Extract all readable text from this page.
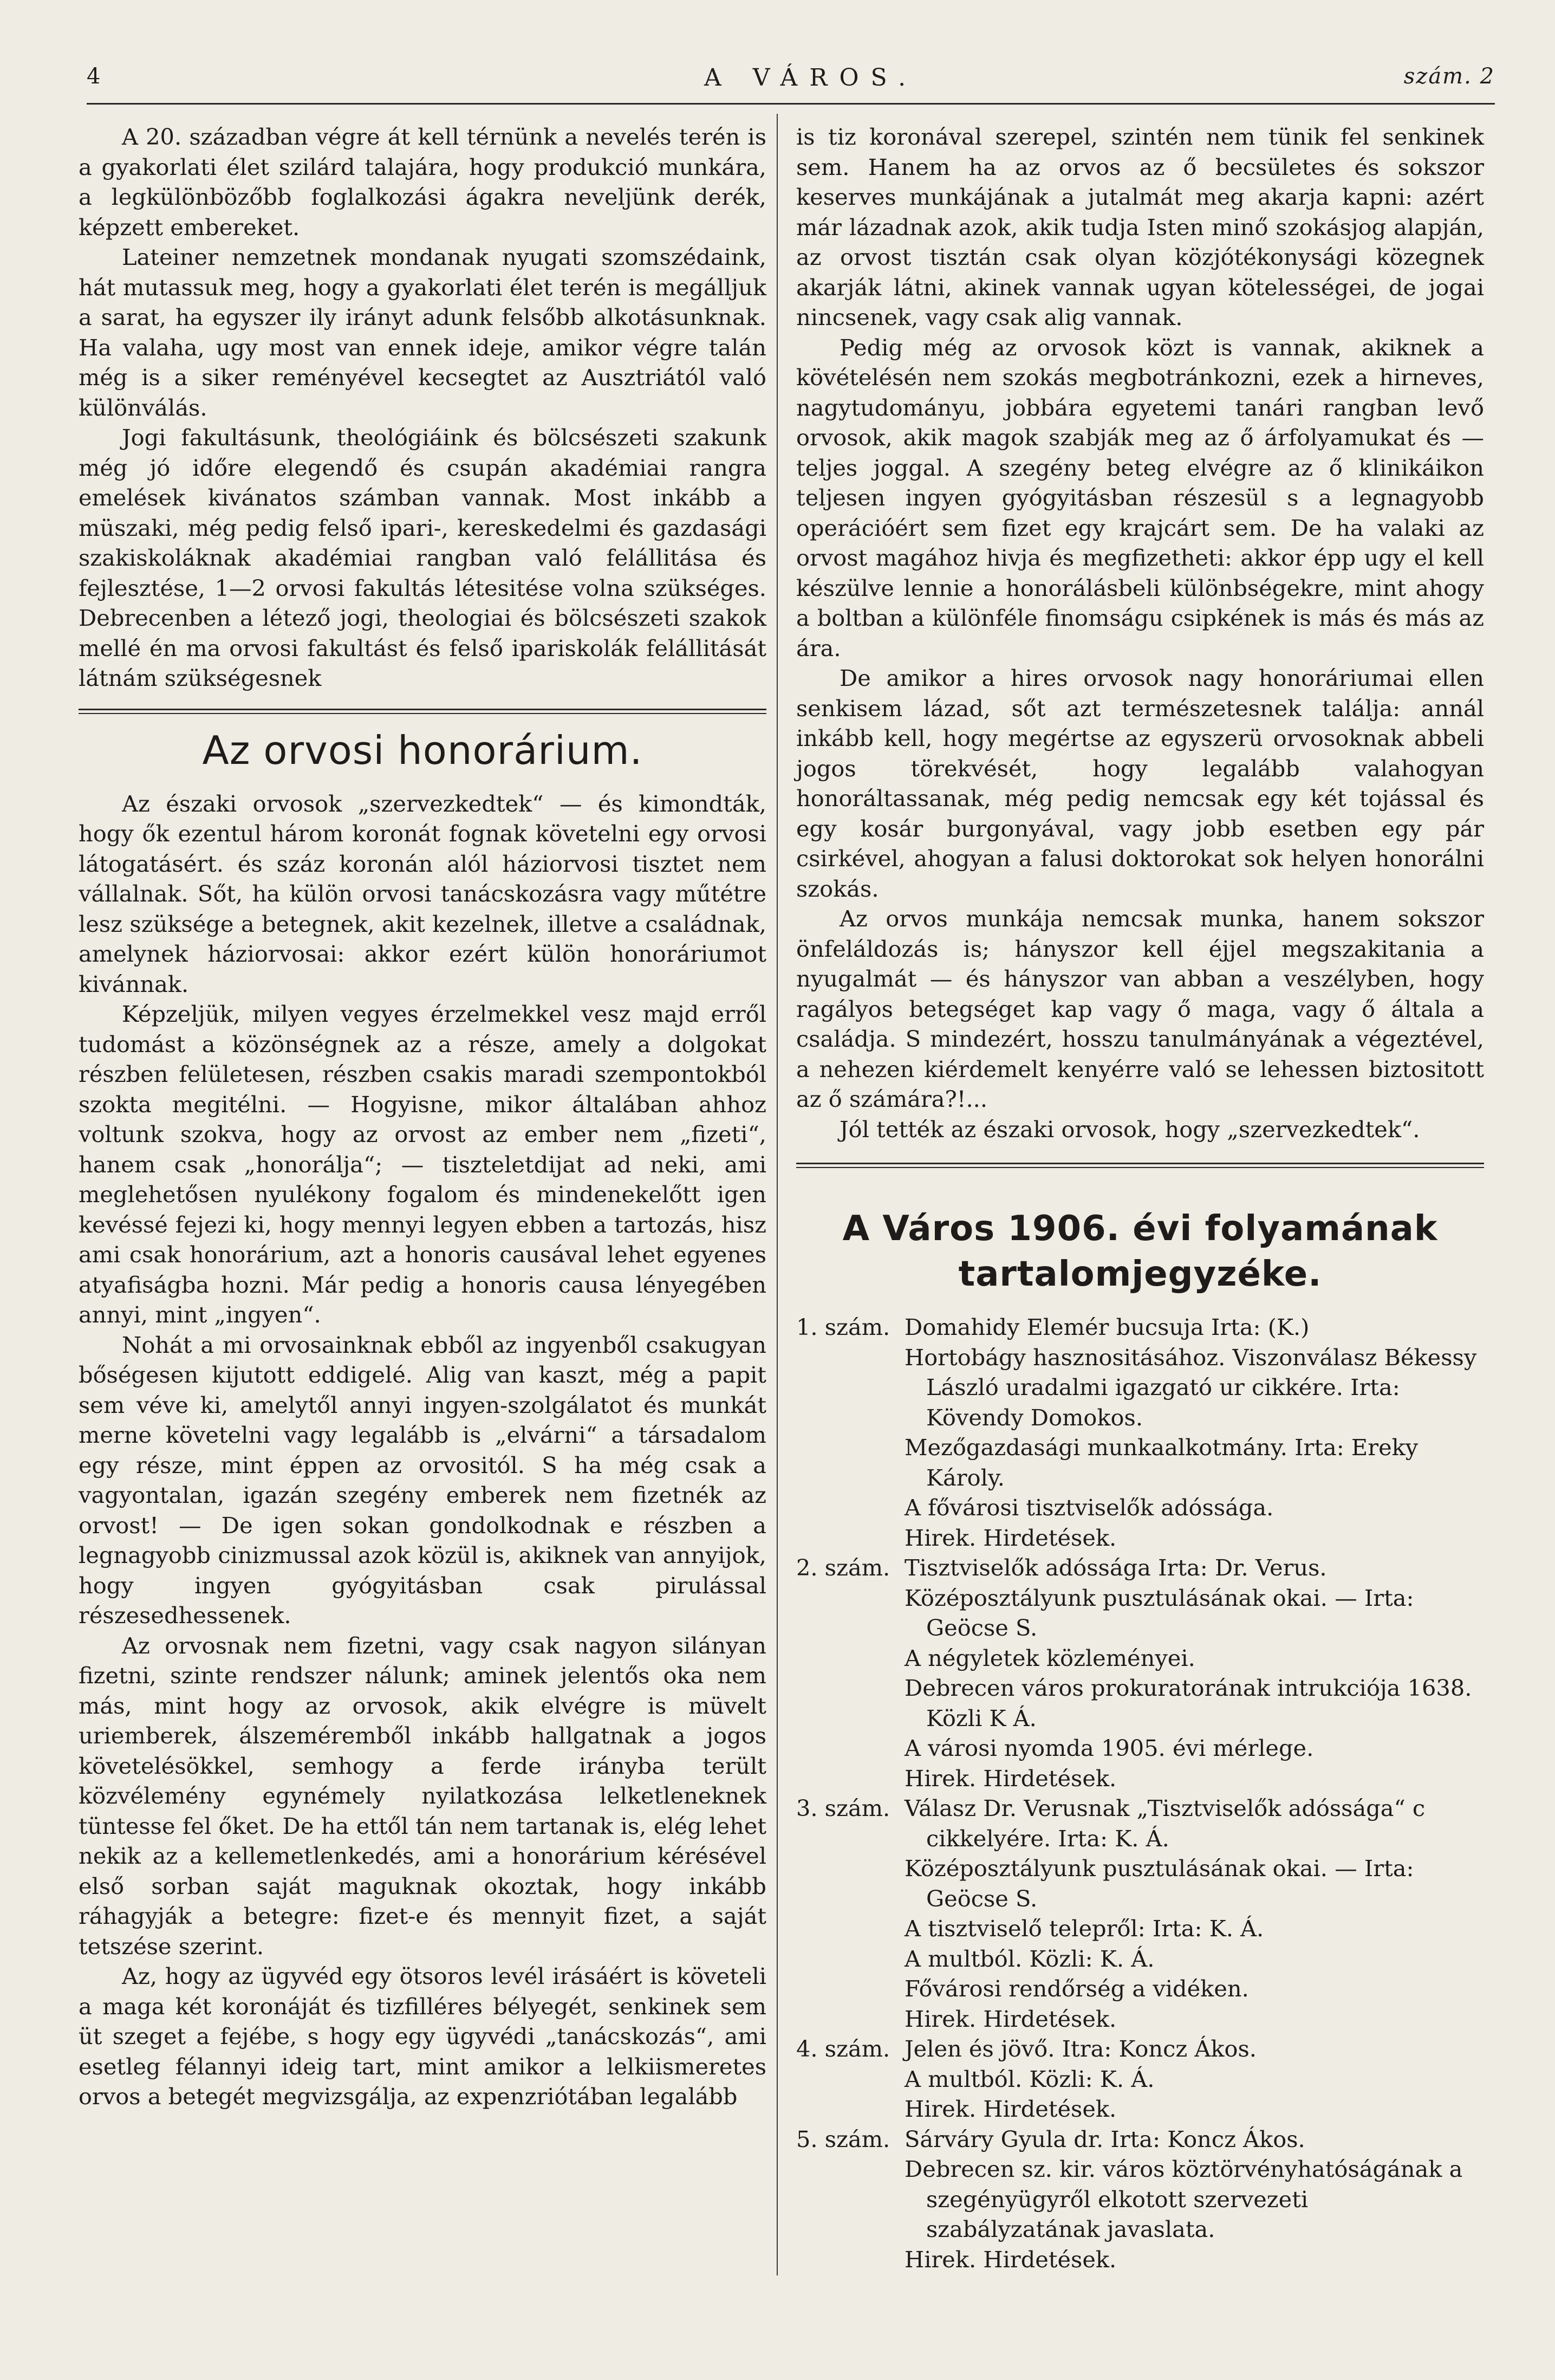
4	A VÁROS.	szám. 2

A 20. században végre át kell térnünk a nevelés terén is a gyakorlati élet szilárd talajára, hogy produkció munkára, a legkülönbözőbb foglalkozási ágakra neveljünk derék, képzett embereket.

Lateiner nemzetnek mondanak nyugati szomszédaink, hát mutassuk meg, hogy a gyakorlati élet terén is megálljuk a sarat, ha egyszer ily irányt adunk felsőbb alkotásunknak. Ha valaha, ugy most van ennek ideje, amikor végre talán még is a siker reményével kecsegtet az Ausztriától való különválás.

Jogi fakultásunk, theológiáink és bölcsészeti szakunk még jó időre elegendő és csupán akadémiai rangra emelések kivánatos számban vannak. Most inkább a müszaki, még pedig felső ipari-, kereskedelmi és gazdasági szakiskoláknak akadémiai rangban való felállitása és fejlesztése, 1—2 orvosi fakultás létesitése volna szükséges. Debrecenben a létező jogi, theologiai és bölcsészeti szakok mellé én ma orvosi fakultást és felső ipariskolák felállitását látnám szükségesnek

Az orvosi honorárium.

Az északi orvosok „szervezkedtek“ — és kimondták, hogy ők ezentul három koronát fognak követelni egy orvosi látogatásért. és száz koronán alól háziorvosi tisztet nem vállalnak. Sőt, ha külön orvosi tanácskozásra vagy műtétre lesz szüksége a betegnek, akit kezelnek, illetve a családnak, amelynek háziorvosai: akkor ezért külön honoráriumot kivánnak.

Képzeljük, milyen vegyes érzelmekkel vesz majd erről tudomást a közönségnek az a része, amely a dolgokat részben felületesen, részben csakis maradi szempontokból szokta megitélni. — Hogyisne, mikor általában ahhoz voltunk szokva, hogy az orvost az ember nem „fizeti“, hanem csak „honorálja“; — tiszteletdijat ad neki, ami meglehetősen nyulékony fogalom és mindenekelőtt igen kevéssé fejezi ki, hogy mennyi legyen ebben a tartozás, hisz ami csak honorárium, azt a honoris causával lehet egyenes atyafiságba hozni. Már pedig a honoris causa lényegében annyi, mint „ingyen“.

Nohát a mi orvosainknak ebből az ingyenből csakugyan bőségesen kijutott eddigelé. Alig van kaszt, még a papit sem véve ki, amelytől annyi ingyen-szolgálatot és munkát merne követelni vagy legalább is „elvárni“ a társadalom egy része, mint éppen az orvositól. S ha még csak a vagyontalan, igazán szegény emberek nem fizetnék az orvost! — De igen sokan gondolkodnak e részben a legnagyobb cinizmussal azok közül is, akiknek van annyijok, hogy ingyen gyógyitásban csak pirulással részesedhessenek.

Az orvosnak nem fizetni, vagy csak nagyon silányan fizetni, szinte rendszer nálunk; aminek jelentős oka nem más, mint hogy az orvosok, akik elvégre is müvelt uriemberek, álszeméremből inkább hallgatnak a jogos követelésökkel, semhogy a ferde irányba terült közvélemény egynémely nyilatkozása lelketleneknek tüntesse fel őket. De ha ettől tán nem tartanak is, elég lehet nekik az a kellemetlenkedés, ami a honorárium kérésével első sorban saját maguknak okoztak, hogy inkább ráhagyják a betegre: fizet-e és mennyit fizet, a saját tetszése szerint.

Az, hogy az ügyvéd egy ötsoros levél irásáért is követeli a maga két koronáját és tizfilléres bélyegét, senkinek sem üt szeget a fejébe, s hogy egy ügyvédi „tanácskozás“, ami esetleg félannyi ideig tart, mint amikor a lelkiismeretes orvos a betegét megvizsgálja, az expenzriótában legalább

is tiz koronával szerepel, szintén nem tünik fel senkinek sem. Hanem ha az orvos az ő becsületes és sokszor keserves munkájának a jutalmát meg akarja kapni: azért már lázadnak azok, akik tudja Isten minő szokásjog alapján, az orvost tisztán csak olyan közjótékonysági közegnek akarják látni, akinek vannak ugyan kötelességei, de jogai nincsenek, vagy csak alig vannak.

Pedig még az orvosok közt is vannak, akiknek a kövételésén nem szokás megbotránkozni, ezek a hirneves, nagytudományu, jobbára egyetemi tanári rangban levő orvosok, akik magok szabják meg az ő árfolyamukat és — teljes joggal. A szegény beteg elvégre az ő klinikáikon teljesen ingyen gyógyitásban részesül s a legnagyobb operációért sem fizet egy krajcárt sem. De ha valaki az orvost magához hivja és megfizetheti: akkor épp ugy el kell készülve lennie a honorálásbeli különbségekre, mint ahogy a boltban a különféle finomságu csipkének is más és más az ára.

De amikor a hires orvosok nagy honoráriumai ellen senkisem lázad, sőt azt természetesnek találja: annál inkább kell, hogy megértse az egyszerü orvosoknak abbeli jogos törekvését, hogy legalább valahogyan honoráltassanak, még pedig nemcsak egy két tojással és egy kosár burgonyával, vagy jobb esetben egy pár csirkével, ahogyan a falusi doktorokat sok helyen honorálni szokás.

Az orvos munkája nemcsak munka, hanem sokszor önfeláldozás is; hányszor kell éjjel megszakitania a nyugalmát — és hányszor van abban a veszélyben, hogy ragályos betegséget kap vagy ő maga, vagy ő általa a családja. S mindezért, hosszu tanulmányának a végeztével, a nehezen kiérdemelt kenyérre való se lehessen biztositott az ő számára?!...

Jól tették az északi orvosok, hogy „szervezkedtek“.

A Város 1906. évi folyamának tartalomjegyzéke.
1. szám. Domahidy Elemér bucsuja Irta: (K.)
Hortobágy hasznositásához. Viszonválasz Békessy László uradalmi igazgató ur cikkére. Irta: Kövendy Domokos.
Mezőgazdasági munkaalkotmány. Irta: Ereky Károly.
A fővárosi tisztviselők adóssága.
Hirek. Hirdetések.
2. szám. Tisztviselők adóssága Irta: Dr. Verus.
Középosztályunk pusztulásának okai. — Irta: Geöcse S.
A négyletek közleményei.
Debrecen város prokuratorának intrukciója 1638. Közli K Á.
A városi nyomda 1905. évi mérlege.
Hirek. Hirdetések.
3. szám. Válasz Dr. Verusnak „Tisztviselők adóssága“ c cikkelyére. Irta: K. Á.
Középosztályunk pusztulásának okai. — Irta: Geöcse S.
A tisztviselő telepről: Irta: K. Á.
A multból. Közli: K. Á.
Fővárosi rendőrség a vidéken.
Hirek. Hirdetések.
4. szám. Jelen és jövő. Itra: Koncz Ákos.
A multból. Közli: K. Á.
Hirek. Hirdetések.
5. szám. Sárváry Gyula dr. Irta: Koncz Ákos.
Debrecen sz. kir. város köztörvényhatóságának a szegényügyről elkotott szervezeti szabályzatának javaslata.
Hirek. Hirdetések.
